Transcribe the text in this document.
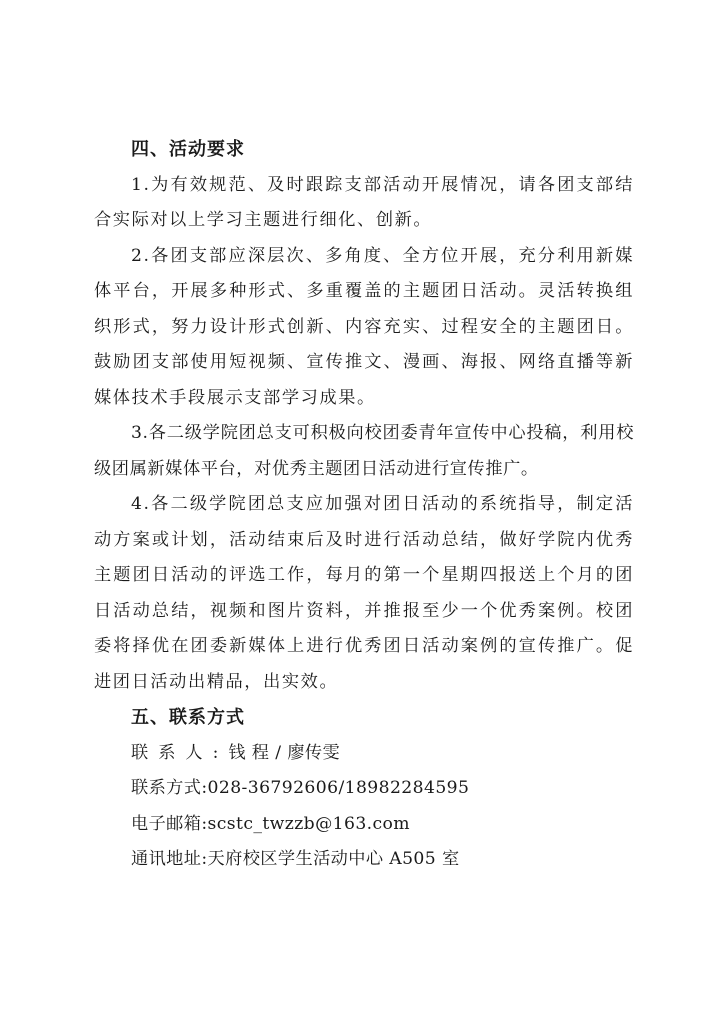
四、活动要求

1.为有效规范、及时跟踪支部活动开展情况，请各团支部结合实际对以上学习主题进行细化、创新。

2.各团支部应深层次、多角度、全方位开展，充分利用新媒体平台，开展多种形式、多重覆盖的主题团日活动。灵活转换组织形式，努力设计形式创新、内容充实、过程安全的主题团日。鼓励团支部使用短视频、宣传推文、漫画、海报、网络直播等新媒体技术手段展示支部学习成果。

3.各二级学院团总支可积极向校团委青年宣传中心投稿，利用校级团属新媒体平台，对优秀主题团日活动进行宣传推广。

4.各二级学院团总支应加强对团日活动的系统指导，制定活动方案或计划，活动结束后及时进行活动总结，做好学院内优秀主题团日活动的评选工作，每月的第一个星期四报送上个月的团日活动总结，视频和图片资料，并推报至少一个优秀案例。校团委将择优在团委新媒体上进行优秀团日活动案例的宣传推广。促进团日活动出精品，出实效。

五、联系方式
联系人:钱 程 / 廖传雯
联系方式:028-36792606/18982284595
电子邮箱:scstc_twzzb@163.com
通讯地址:天府校区学生活动中心 A505 室
